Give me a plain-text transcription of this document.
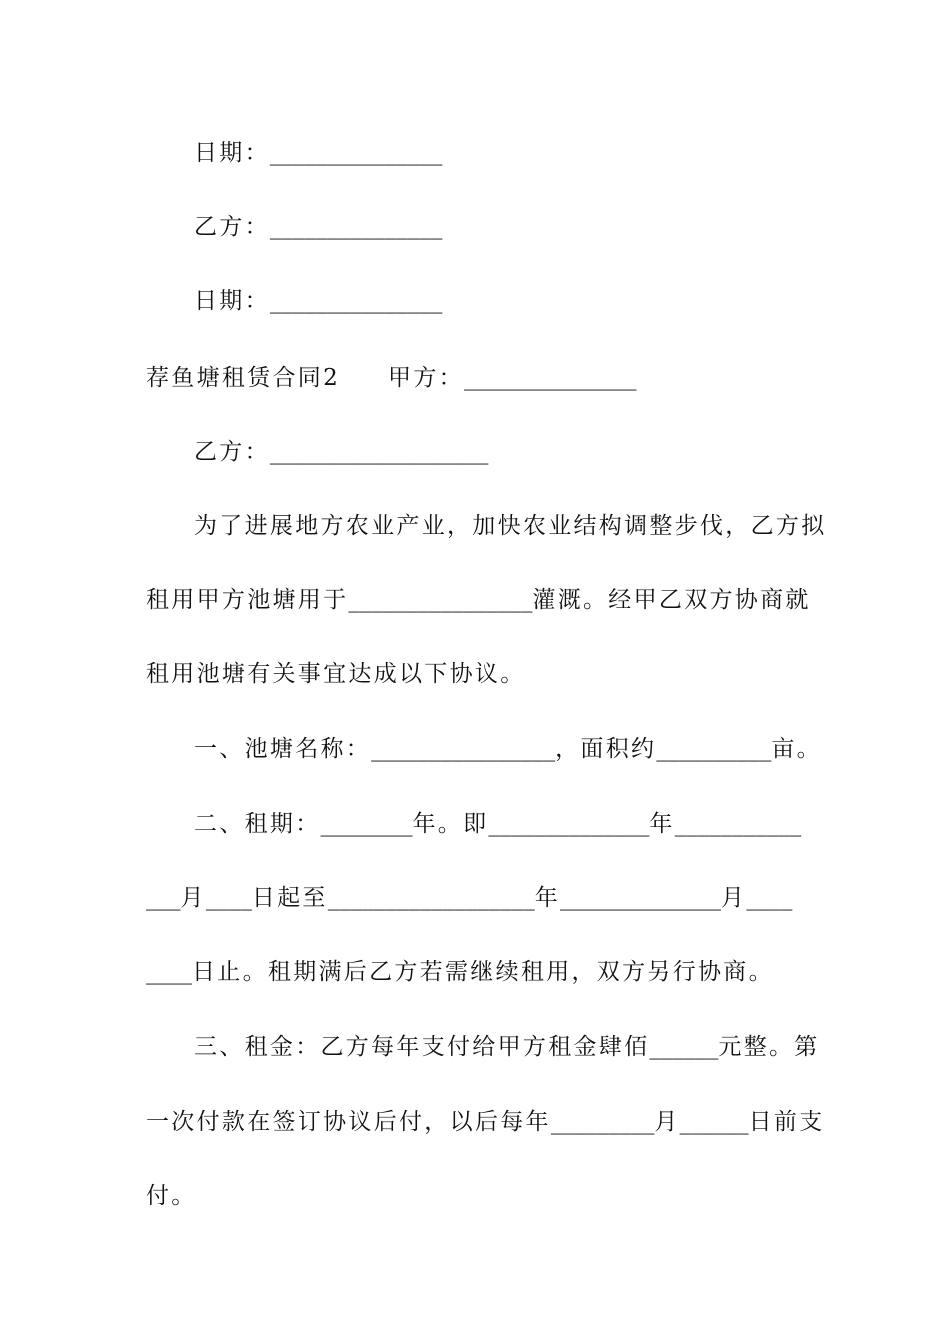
日期：_______________
乙方：_______________
日期：_______________
荐鱼塘租赁合同2 甲方：_______________
乙方：___________________
为了进展地方农业产业，加快农业结构调整步伐，乙方拟
租用甲方池塘用于________________灌溉。经甲乙双方协商就
租用池塘有关事宜达成以下协议。
一、池塘名称：________________，面积约__________亩。
二、租期：________年。即______________年___________
___月____日起至__________________年______________月____
____日止。租期满后乙方若需继续租用，双方另行协商。
三、租金：乙方每年支付给甲方租金肆佰______元整。第
一次付款在签订协议后付，以后每年_________月______日前支
付。
